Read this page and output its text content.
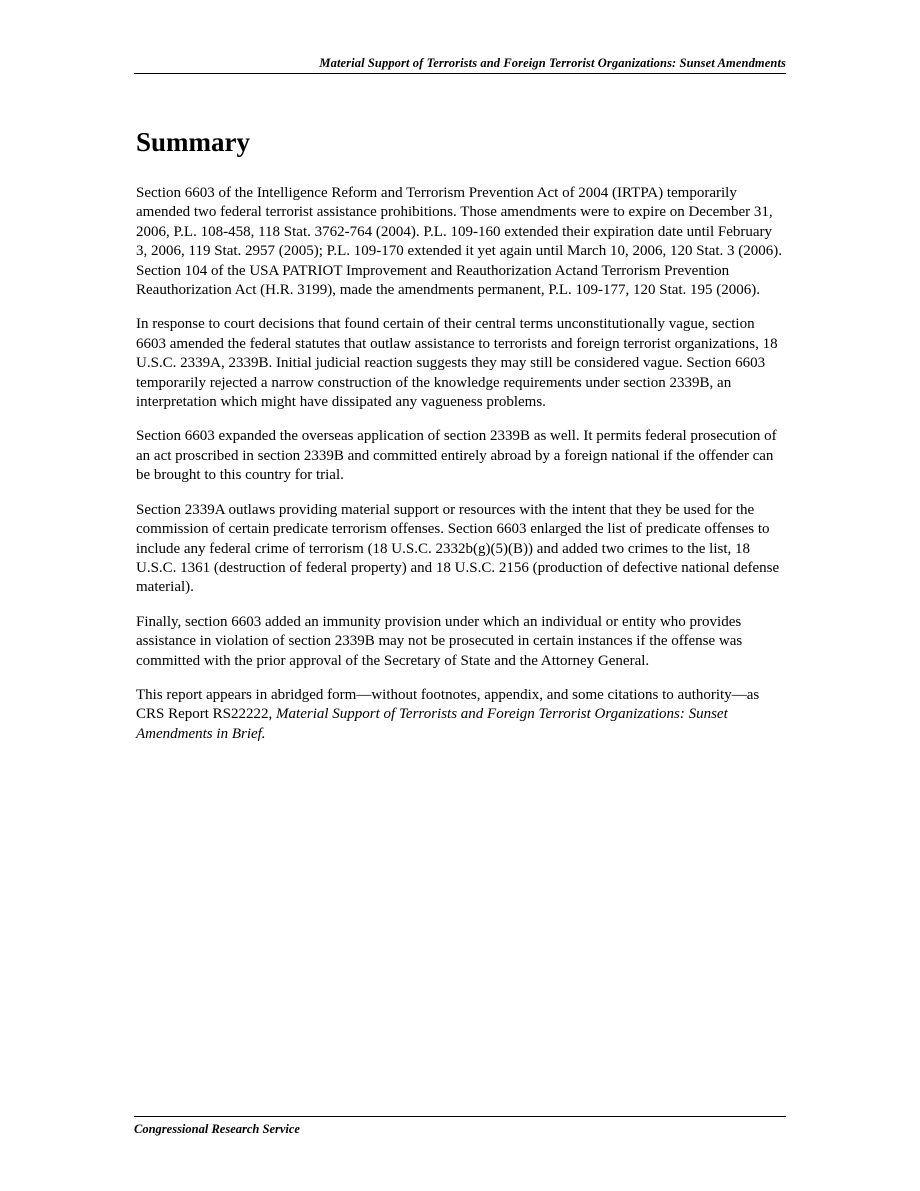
Material Support of Terrorists and Foreign Terrorist Organizations: Sunset Amendments
Summary

Section 6603 of the Intelligence Reform and Terrorism Prevention Act of 2004 (IRTPA) temporarily amended two federal terrorist assistance prohibitions. Those amendments were to expire on December 31, 2006, P.L. 108-458, 118 Stat. 3762-764 (2004). P.L. 109-160 extended their expiration date until February 3, 2006, 119 Stat. 2957 (2005); P.L. 109-170 extended it yet again until March 10, 2006, 120 Stat. 3 (2006). Section 104 of the USA PATRIOT Improvement and Reauthorization Actand Terrorism Prevention Reauthorization Act (H.R. 3199), made the amendments permanent, P.L. 109-177, 120 Stat. 195 (2006).

In response to court decisions that found certain of their central terms unconstitutionally vague, section 6603 amended the federal statutes that outlaw assistance to terrorists and foreign terrorist organizations, 18 U.S.C. 2339A, 2339B. Initial judicial reaction suggests they may still be considered vague. Section 6603 temporarily rejected a narrow construction of the knowledge requirements under section 2339B, an interpretation which might have dissipated any vagueness problems.

Section 6603 expanded the overseas application of section 2339B as well. It permits federal prosecution of an act proscribed in section 2339B and committed entirely abroad by a foreign national if the offender can be brought to this country for trial.

Section 2339A outlaws providing material support or resources with the intent that they be used for the commission of certain predicate terrorism offenses. Section 6603 enlarged the list of predicate offenses to include any federal crime of terrorism (18 U.S.C. 2332b(g)(5)(B)) and added two crimes to the list, 18 U.S.C. 1361 (destruction of federal property) and 18 U.S.C. 2156 (production of defective national defense material).

Finally, section 6603 added an immunity provision under which an individual or entity who provides assistance in violation of section 2339B may not be prosecuted in certain instances if the offense was committed with the prior approval of the Secretary of State and the Attorney General.

This report appears in abridged form—without footnotes, appendix, and some citations to authority—as CRS Report RS22222, Material Support of Terrorists and Foreign Terrorist Organizations: Sunset Amendments in Brief.

Congressional Research Service
